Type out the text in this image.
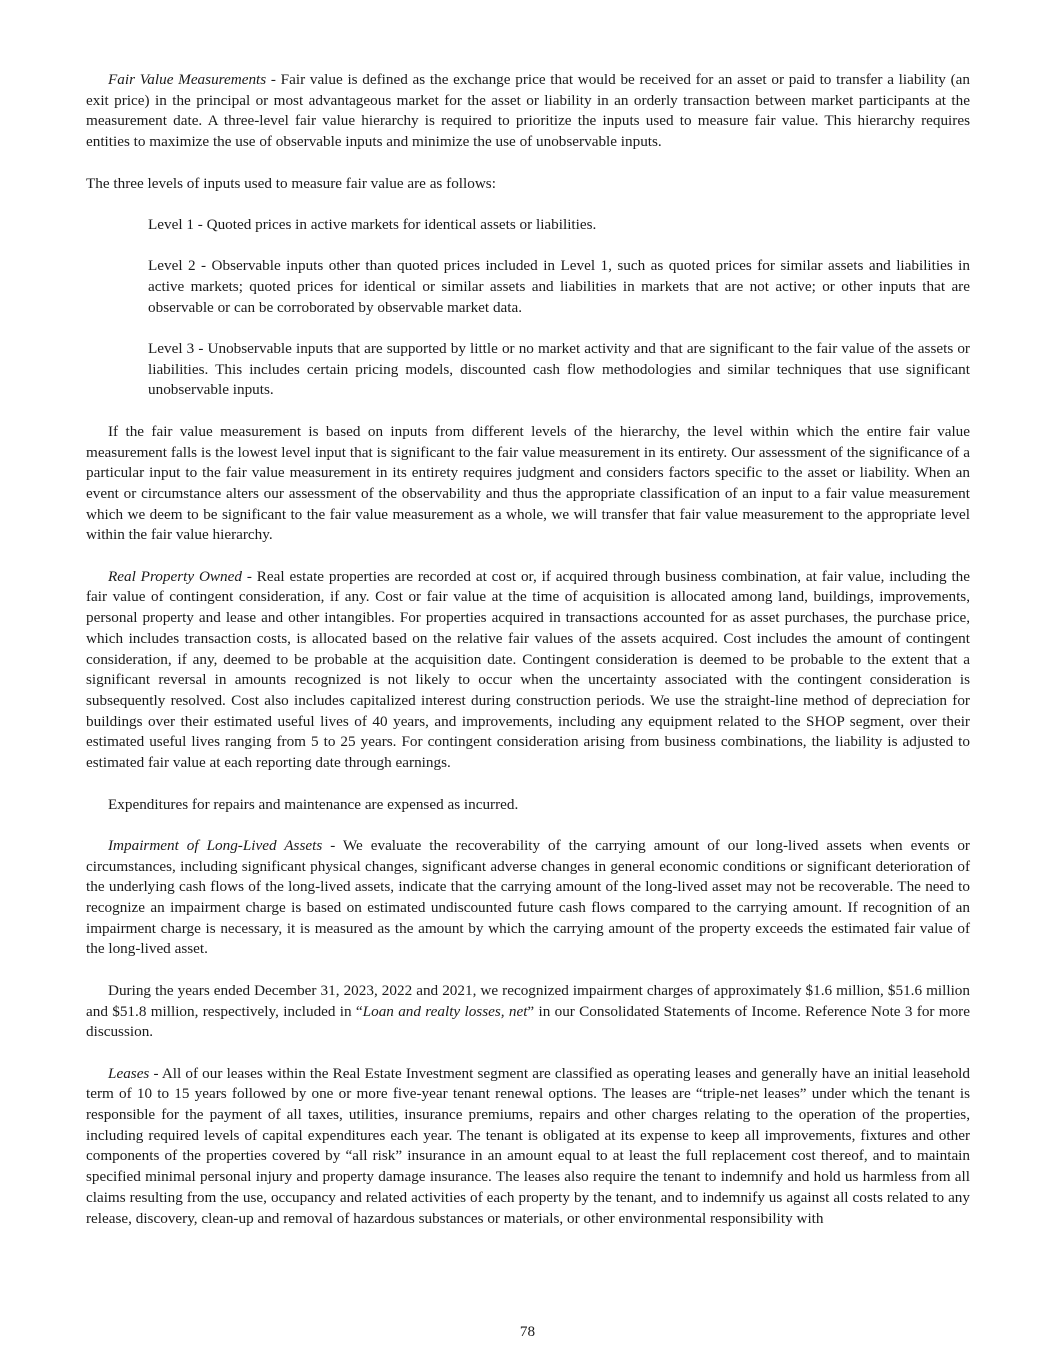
Fair Value Measurements - Fair value is defined as the exchange price that would be received for an asset or paid to transfer a liability (an exit price) in the principal or most advantageous market for the asset or liability in an orderly transaction between market participants at the measurement date. A three-level fair value hierarchy is required to prioritize the inputs used to measure fair value. This hierarchy requires entities to maximize the use of observable inputs and minimize the use of unobservable inputs.

The three levels of inputs used to measure fair value are as follows:

Level 1 - Quoted prices in active markets for identical assets or liabilities.

Level 2 - Observable inputs other than quoted prices included in Level 1, such as quoted prices for similar assets and liabilities in active markets; quoted prices for identical or similar assets and liabilities in markets that are not active; or other inputs that are observable or can be corroborated by observable market data.

Level 3 - Unobservable inputs that are supported by little or no market activity and that are significant to the fair value of the assets or liabilities. This includes certain pricing models, discounted cash flow methodologies and similar techniques that use significant unobservable inputs.

If the fair value measurement is based on inputs from different levels of the hierarchy, the level within which the entire fair value measurement falls is the lowest level input that is significant to the fair value measurement in its entirety. Our assessment of the significance of a particular input to the fair value measurement in its entirety requires judgment and considers factors specific to the asset or liability. When an event or circumstance alters our assessment of the observability and thus the appropriate classification of an input to a fair value measurement which we deem to be significant to the fair value measurement as a whole, we will transfer that fair value measurement to the appropriate level within the fair value hierarchy.

Real Property Owned - Real estate properties are recorded at cost or, if acquired through business combination, at fair value, including the fair value of contingent consideration, if any. Cost or fair value at the time of acquisition is allocated among land, buildings, improvements, personal property and lease and other intangibles. For properties acquired in transactions accounted for as asset purchases, the purchase price, which includes transaction costs, is allocated based on the relative fair values of the assets acquired. Cost includes the amount of contingent consideration, if any, deemed to be probable at the acquisition date. Contingent consideration is deemed to be probable to the extent that a significant reversal in amounts recognized is not likely to occur when the uncertainty associated with the contingent consideration is subsequently resolved. Cost also includes capitalized interest during construction periods. We use the straight-line method of depreciation for buildings over their estimated useful lives of 40 years, and improvements, including any equipment related to the SHOP segment, over their estimated useful lives ranging from 5 to 25 years. For contingent consideration arising from business combinations, the liability is adjusted to estimated fair value at each reporting date through earnings.

Expenditures for repairs and maintenance are expensed as incurred.

Impairment of Long-Lived Assets - We evaluate the recoverability of the carrying amount of our long-lived assets when events or circumstances, including significant physical changes, significant adverse changes in general economic conditions or significant deterioration of the underlying cash flows of the long-lived assets, indicate that the carrying amount of the long-lived asset may not be recoverable. The need to recognize an impairment charge is based on estimated undiscounted future cash flows compared to the carrying amount. If recognition of an impairment charge is necessary, it is measured as the amount by which the carrying amount of the property exceeds the estimated fair value of the long-lived asset.

During the years ended December 31, 2023, 2022 and 2021, we recognized impairment charges of approximately $1.6 million, $51.6 million and $51.8 million, respectively, included in “Loan and realty losses, net” in our Consolidated Statements of Income. Reference Note 3 for more discussion.

Leases - All of our leases within the Real Estate Investment segment are classified as operating leases and generally have an initial leasehold term of 10 to 15 years followed by one or more five-year tenant renewal options. The leases are “triple-net leases” under which the tenant is responsible for the payment of all taxes, utilities, insurance premiums, repairs and other charges relating to the operation of the properties, including required levels of capital expenditures each year. The tenant is obligated at its expense to keep all improvements, fixtures and other components of the properties covered by “all risk” insurance in an amount equal to at least the full replacement cost thereof, and to maintain specified minimal personal injury and property damage insurance. The leases also require the tenant to indemnify and hold us harmless from all claims resulting from the use, occupancy and related activities of each property by the tenant, and to indemnify us against all costs related to any release, discovery, clean-up and removal of hazardous substances or materials, or other environmental responsibility with

78
